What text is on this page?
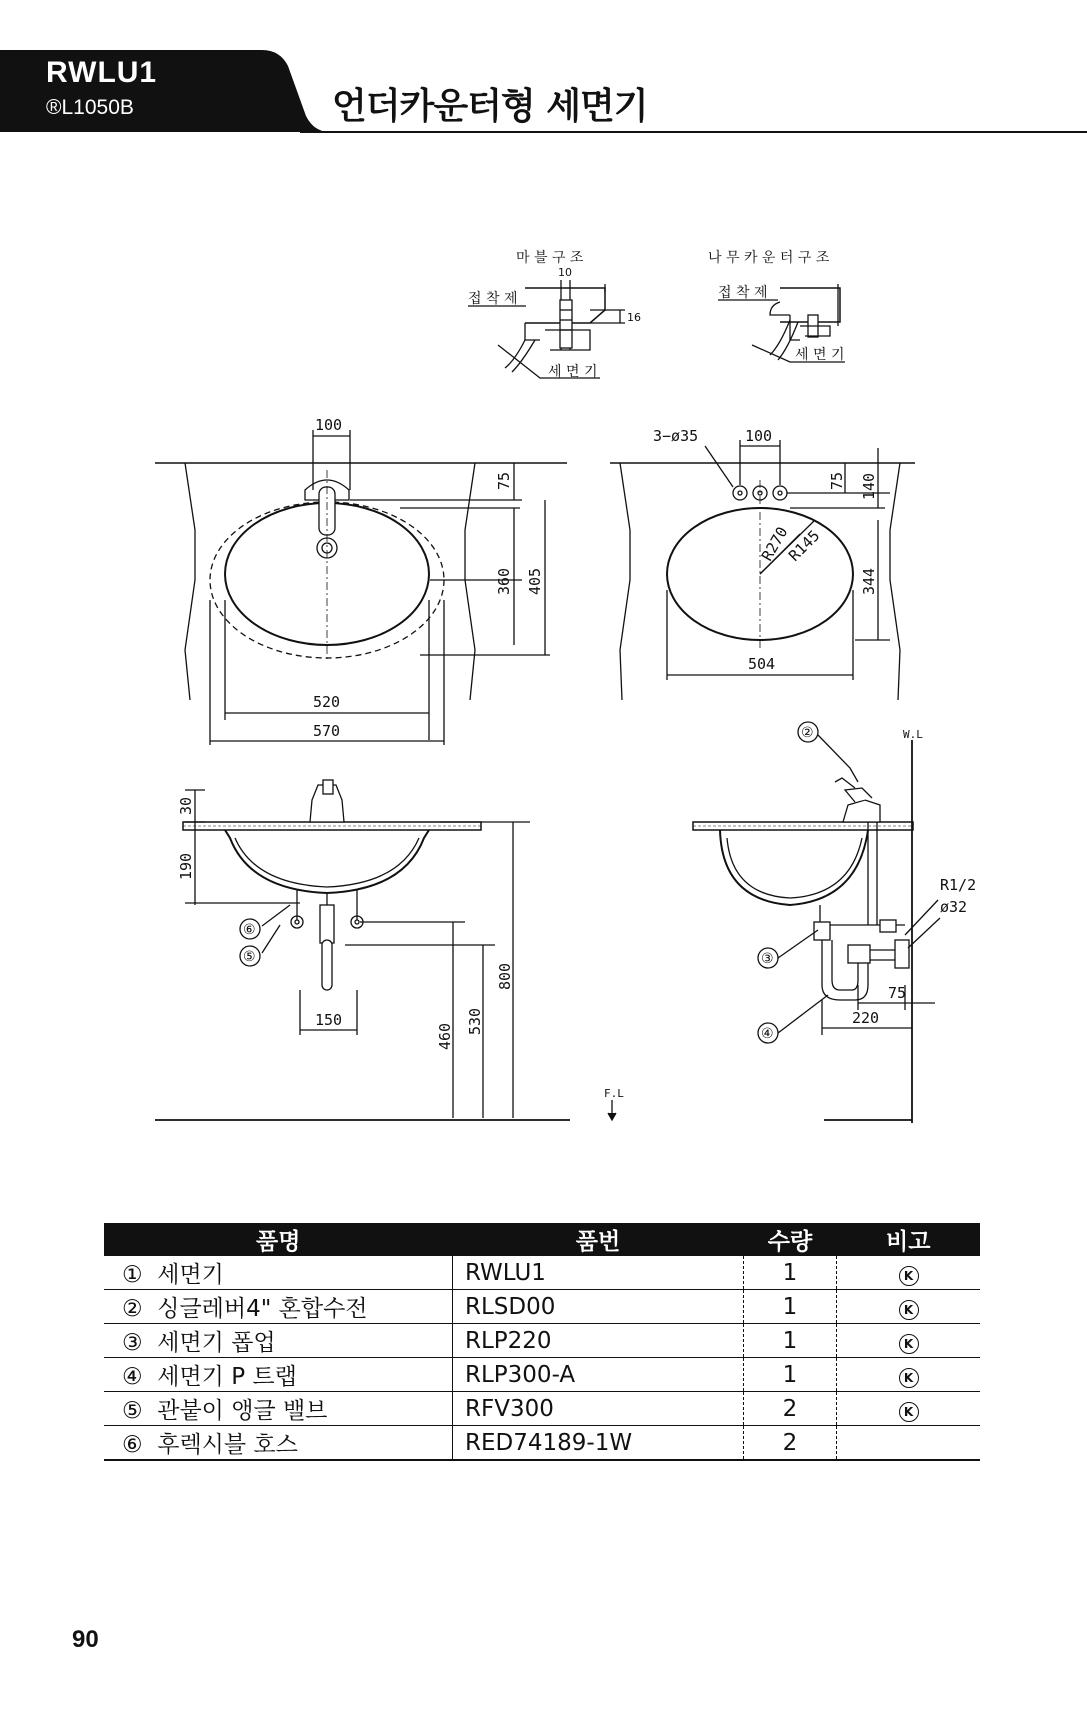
RWLU1
®L1050B	언더카운터형 세면기
마 블 구 조
10
16
접 착 제
세 면 기
나 무 카 운 터 구 조
접 착 제
세 면 기
100
75
360 405
520
570
3−ø35	100
75 140
R270
R145
344
504
30
190
150
460
530
800
⑥
⑤
W.L
R1/2
ø32
75
220
F.L
②
③
④
품명	품번	수량	비고
① 세면기	RWLU1	1	K
② 싱글레버4" 혼합수전	RLSD00	1	K
③ 세면기 폽업	RLP220	1	K
④ 세면기 P 트랩	RLP300-A	1	K
⑤ 관붙이 앵글 밸브	RFV300	2	K
⑥ 후렉시블 호스	RED74189-1W	2	
90
